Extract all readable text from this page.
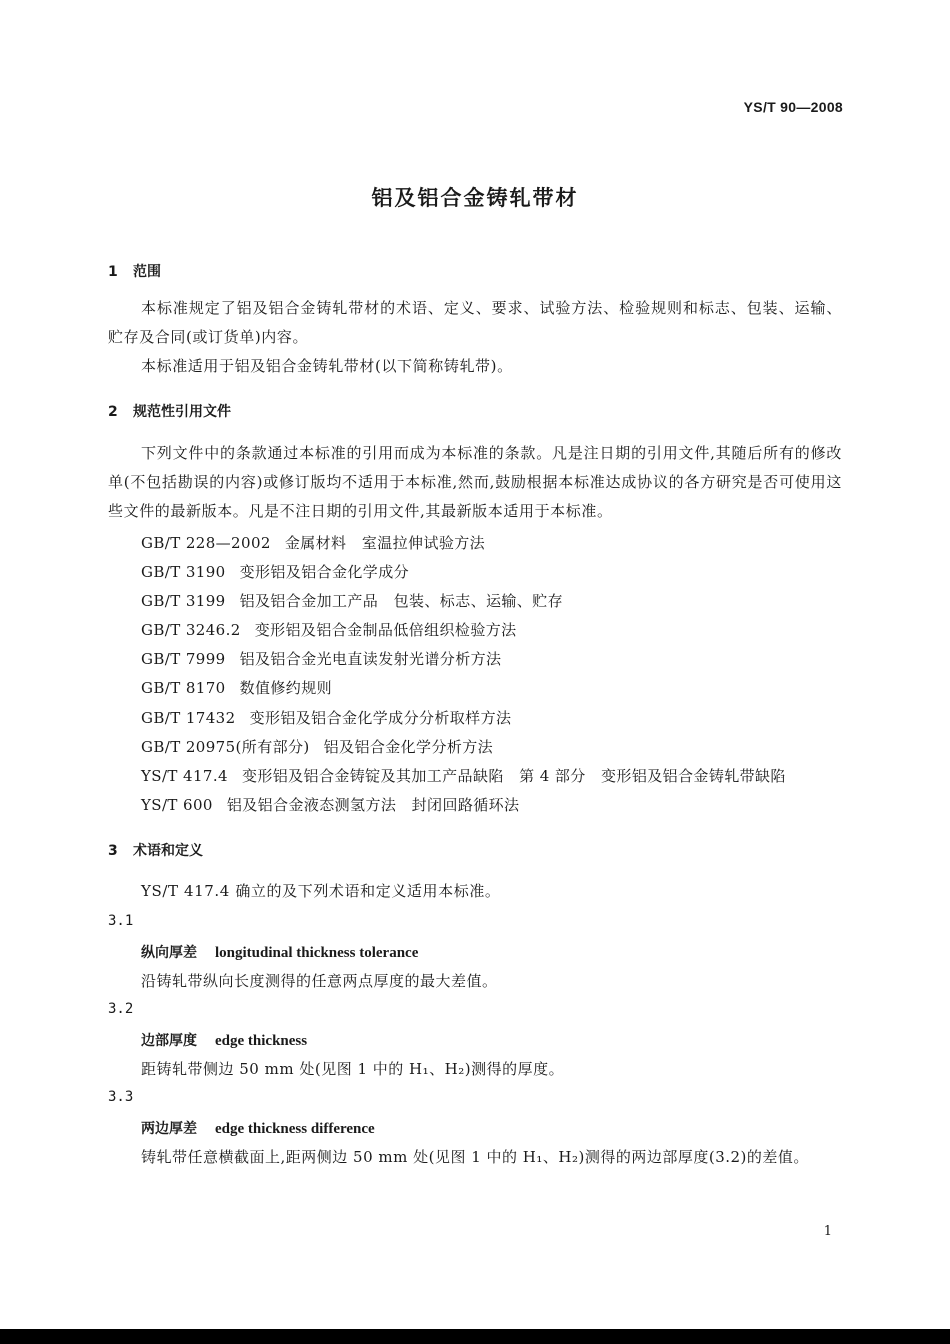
YS/T 90—2008
铝及铝合金铸轧带材
1 范围
本标准规定了铝及铝合金铸轧带材的术语、定义、要求、试验方法、检验规则和标志、包装、运输、贮存及合同(或订货单)内容。
本标准适用于铝及铝合金铸轧带材(以下简称铸轧带)。
2 规范性引用文件
下列文件中的条款通过本标准的引用而成为本标准的条款。凡是注日期的引用文件,其随后所有的修改单(不包括勘误的内容)或修订版均不适用于本标准,然而,鼓励根据本标准达成协议的各方研究是否可使用这些文件的最新版本。凡是不注日期的引用文件,其最新版本适用于本标准。
GB/T 228—2002 金属材料　室温拉伸试验方法
GB/T 3190 变形铝及铝合金化学成分
GB/T 3199 铝及铝合金加工产品　包装、标志、运输、贮存
GB/T 3246.2 变形铝及铝合金制品低倍组织检验方法
GB/T 7999 铝及铝合金光电直读发射光谱分析方法
GB/T 8170 数值修约规则
GB/T 17432 变形铝及铝合金化学成分分析取样方法
GB/T 20975(所有部分) 铝及铝合金化学分析方法
YS/T 417.4 变形铝及铝合金铸锭及其加工产品缺陷　第 4 部分　变形铝及铝合金铸轧带缺陷
YS/T 600 铝及铝合金液态测氢方法　封闭回路循环法
3 术语和定义
YS/T 417.4 确立的及下列术语和定义适用本标准。
3.1
纵向厚差 longitudinal thickness tolerance
沿铸轧带纵向长度测得的任意两点厚度的最大差值。
3.2
边部厚度 edge thickness
距铸轧带侧边 50 mm 处(见图 1 中的 H₁、H₂)测得的厚度。
3.3
两边厚差 edge thickness difference
铸轧带任意横截面上,距两侧边 50 mm 处(见图 1 中的 H₁、H₂)测得的两边部厚度(3.2)的差值。
1
